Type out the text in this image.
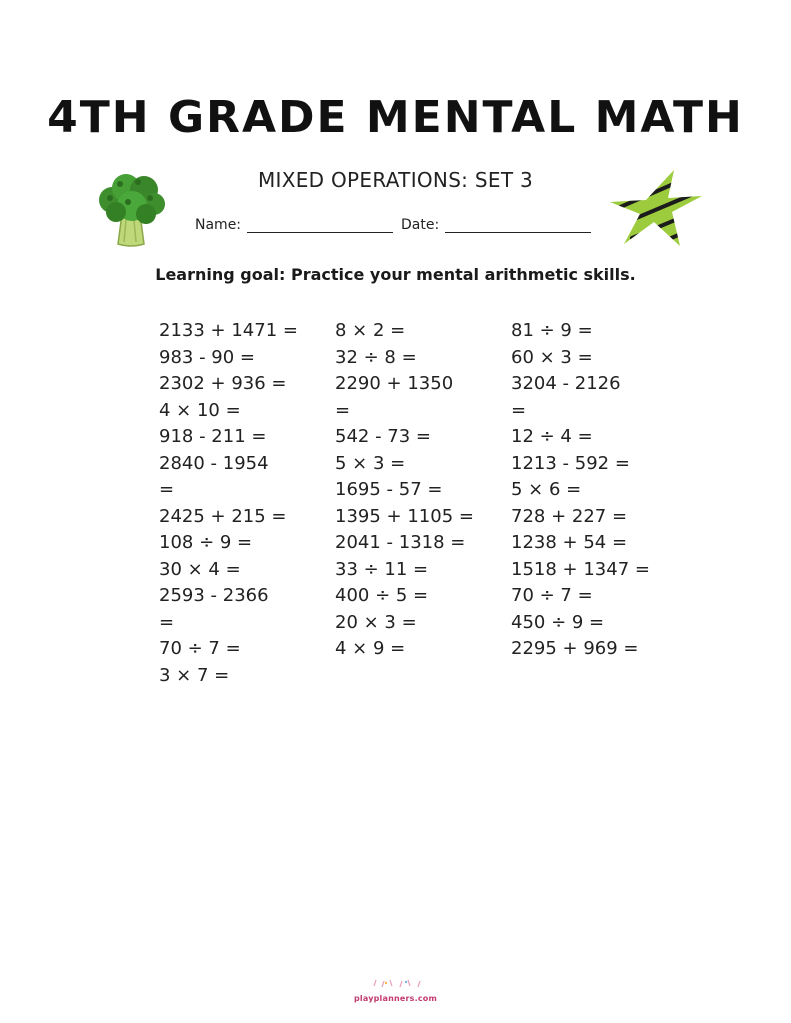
4TH GRADE MENTAL MATH
MIXED OPERATIONS: SET 3
Name:	Date:
Learning goal: Practice your mental arithmetic skills.
2133 + 1471 =
983 - 90 =
2302 + 936 =
4 × 10 =
918 - 211 =
2840 - 1954
=
2425 + 215 =
108 ÷ 9 =
30 × 4 =
2593 - 2366
=
70 ÷ 7 =
3 × 7 =
8 × 2 =
32 ÷ 8 =
2290 + 1350
=
542 - 73 =
5 × 3 =
1695 - 57 =
1395 + 1105 =
2041 - 1318 =
33 ÷ 11 =
400 ÷ 5 =
20 × 3 =
4 × 9 =
81 ÷ 9 =
60 × 3 =
3204 - 2126
=
12 ÷ 4 =
1213 - 592 =
5 × 6 =
728 + 227 =
1238 + 54 =
1518 + 1347 =
70 ÷ 7 =
450 ÷ 9 =
2295 + 969 =
playplanners.com
